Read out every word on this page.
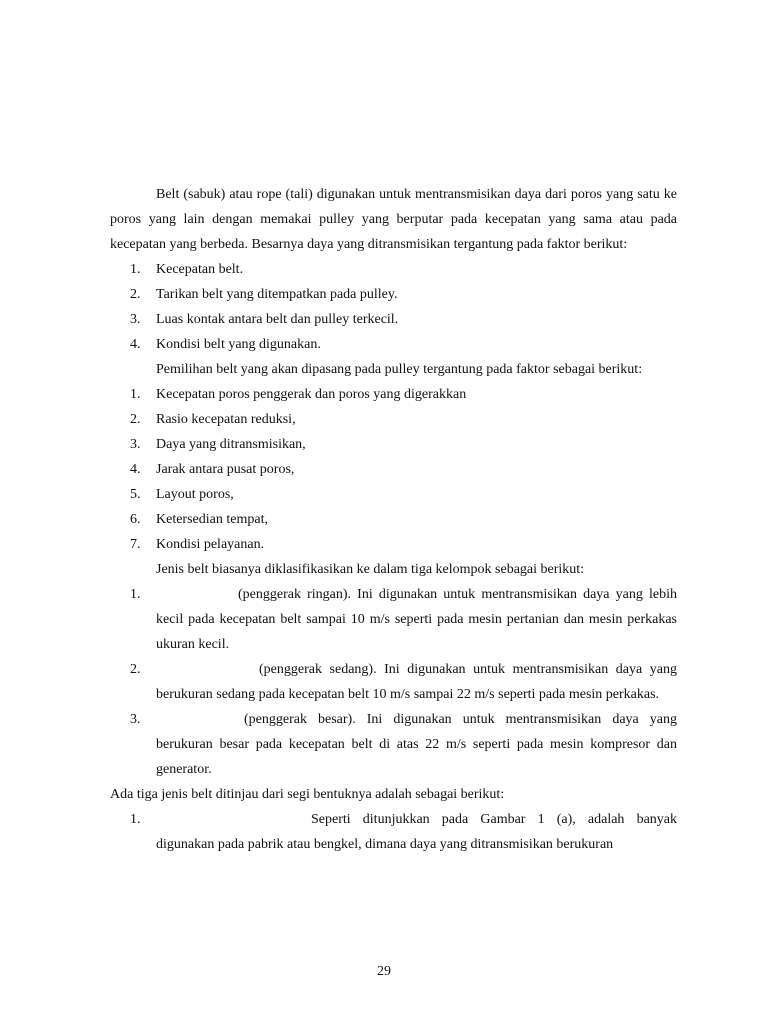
Belt (sabuk) atau rope (tali) digunakan untuk mentransmisikan daya dari poros yang satu ke poros yang lain dengan memakai pulley yang berputar pada kecepatan yang sama atau pada kecepatan yang berbeda. Besarnya daya yang ditransmisikan tergantung pada faktor berikut:

1. Kecepatan belt.
2. Tarikan belt yang ditempatkan pada pulley.
3. Luas kontak antara belt dan pulley terkecil.
4. Kondisi belt yang digunakan.

Pemilihan belt yang akan dipasang pada pulley tergantung pada faktor sebagai berikut:

1. Kecepatan poros penggerak dan poros yang digerakkan
2. Rasio kecepatan reduksi,
3. Daya yang ditransmisikan,
4. Jarak antara pusat poros,
5. Layout poros,
6. Ketersedian tempat,
7. Kondisi pelayanan.

Jenis belt biasanya diklasifikasikan ke dalam tiga kelompok sebagai berikut:

1.	(penggerak ringan). Ini digunakan untuk mentransmisikan daya yang lebih kecil pada kecepatan belt sampai 10 m/s seperti pada mesin pertanian dan mesin perkakas ukuran kecil.
2.	(penggerak sedang). Ini digunakan untuk mentransmisikan daya yang berukuran sedang pada kecepatan belt 10 m/s sampai 22 m/s seperti pada mesin perkakas.
3.	(penggerak besar). Ini digunakan untuk mentransmisikan daya yang berukuran besar pada kecepatan belt di atas 22 m/s seperti pada mesin kompresor dan generator.

Ada tiga jenis belt ditinjau dari segi bentuknya adalah sebagai berikut:

1.	Seperti ditunjukkan pada Gambar 1 (a), adalah banyak digunakan pada pabrik atau bengkel, dimana daya yang ditransmisikan berukuran
29
